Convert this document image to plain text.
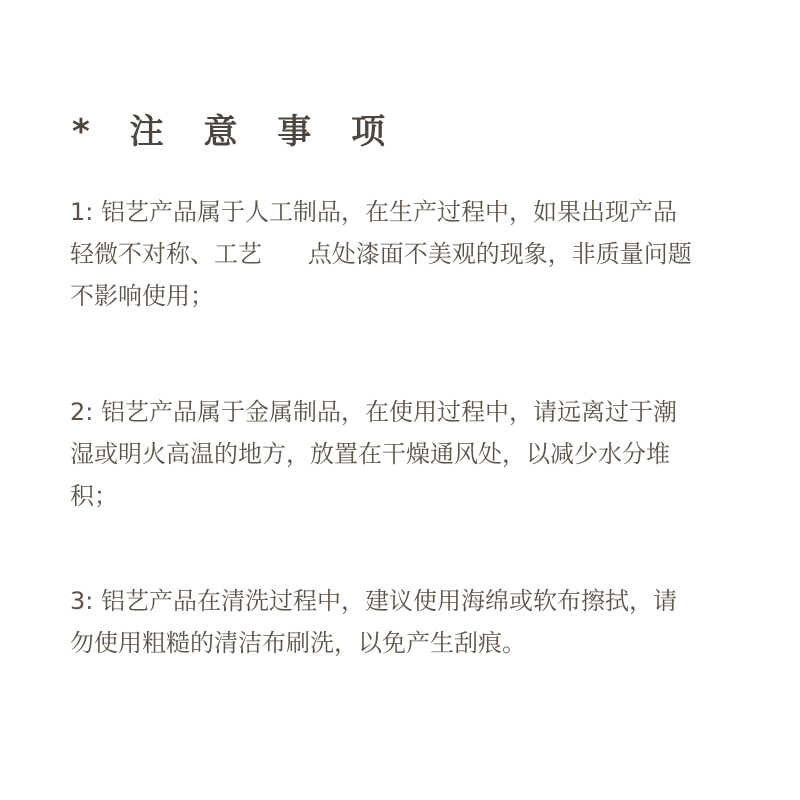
* 注 意 事 项
1: 铝艺产品属于人工制品，在生产过程中，如果出现产品
轻微不对称、工艺      点处漆面不美观的现象，非质量问题
不影响使用；
2: 铝艺产品属于金属制品，在使用过程中，请远离过于潮
湿或明火高温的地方，放置在干燥通风处，以减少水分堆
积；
3: 铝艺产品在清洗过程中，建议使用海绵或软布擦拭，请
勿使用粗糙的清洁布刷洗，以免产生刮痕。
